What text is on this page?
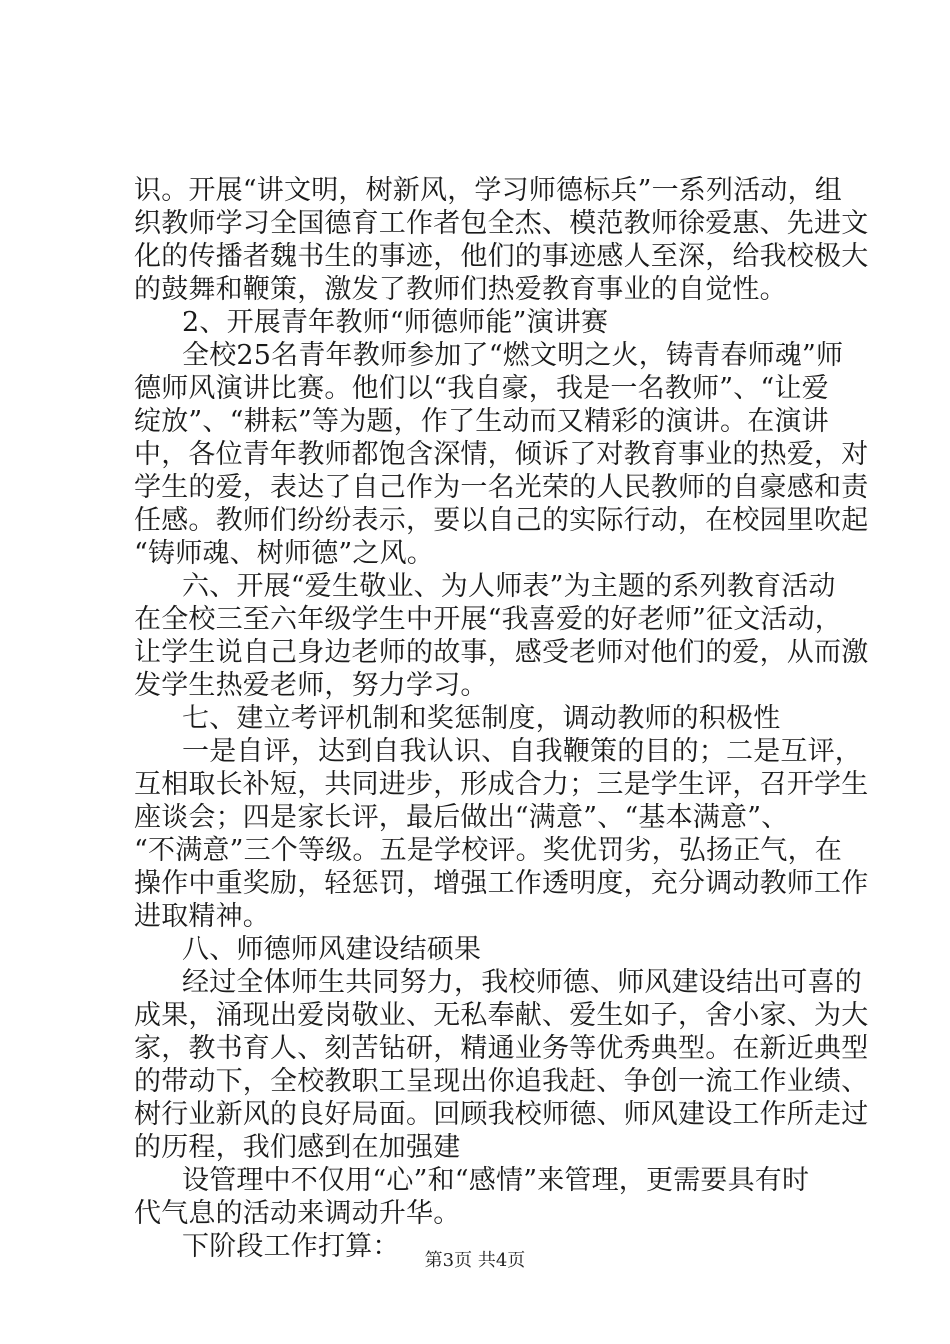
识。开展“讲文明，树新风，学习师德标兵”一系列活动，组
织教师学习全国德育工作者包全杰、模范教师徐爱惠、先进文
化的传播者魏书生的事迹，他们的事迹感人至深，给我校极大
的鼓舞和鞭策，激发了教师们热爱教育事业的自觉性。
2、开展青年教师“师德师能”演讲赛
全校25名青年教师参加了“燃文明之火，铸青春师魂”师
德师风演讲比赛。他们以“我自豪，我是一名教师”、“让爱
绽放”、“耕耘”等为题，作了生动而又精彩的演讲。在演讲
中，各位青年教师都饱含深情，倾诉了对教育事业的热爱，对
学生的爱，表达了自己作为一名光荣的人民教师的自豪感和责
任感。教师们纷纷表示，要以自己的实际行动，在校园里吹起
“铸师魂、树师德”之风。
六、开展“爱生敬业、为人师表”为主题的系列教育活动
在全校三至六年级学生中开展“我喜爱的好老师”征文活动，
让学生说自己身边老师的故事，感受老师对他们的爱，从而激
发学生热爱老师，努力学习。
七、建立考评机制和奖惩制度，调动教师的积极性
一是自评，达到自我认识、自我鞭策的目的；二是互评，
互相取长补短，共同进步，形成合力；三是学生评，召开学生
座谈会；四是家长评，最后做出“满意”、“基本满意”、
“不满意”三个等级。五是学校评。奖优罚劣，弘扬正气，在
操作中重奖励，轻惩罚，增强工作透明度，充分调动教师工作
进取精神。
八、师德师风建设结硕果
经过全体师生共同努力，我校师德、师风建设结出可喜的
成果，涌现出爱岗敬业、无私奉献、爱生如子，舍小家、为大
家，教书育人、刻苦钻研，精通业务等优秀典型。在新近典型
的带动下，全校教职工呈现出你追我赶、争创一流工作业绩、
树行业新风的良好局面。回顾我校师德、师风建设工作所走过
的历程，我们感到在加强建
设管理中不仅用“心”和“感情”来管理，更需要具有时
代气息的活动来调动升华。
下阶段工作打算：	第3页 共4页
